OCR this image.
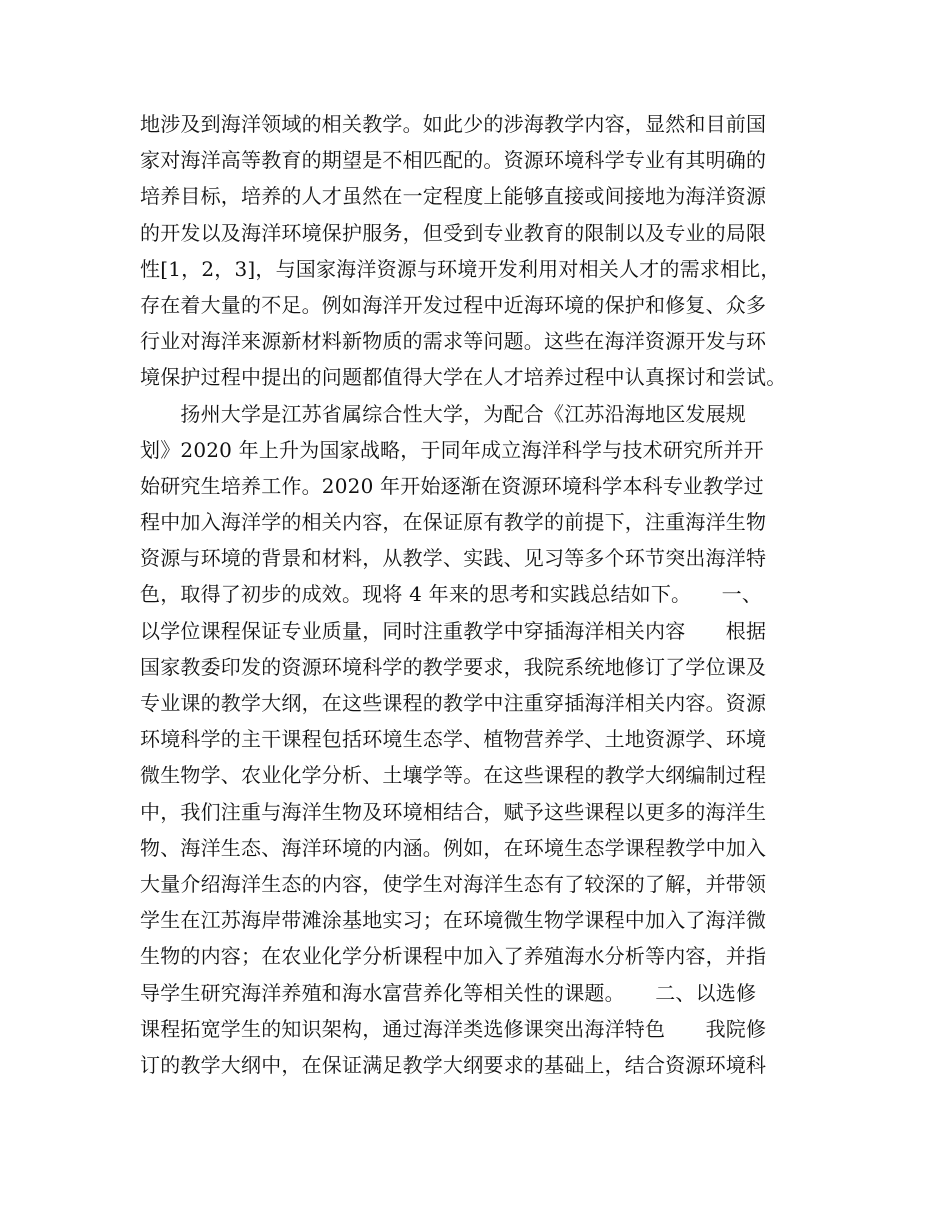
地涉及到海洋领域的相关教学。如此少的涉海教学内容，显然和目前国
家对海洋高等教育的期望是不相匹配的。资源环境科学专业有其明确的
培养目标，培养的人才虽然在一定程度上能够直接或间接地为海洋资源
的开发以及海洋环境保护服务，但受到专业教育的限制以及专业的局限
性[1，2，3]，与国家海洋资源与环境开发利用对相关人才的需求相比，
存在着大量的不足。例如海洋开发过程中近海环境的保护和修复、众多
行业对海洋来源新材料新物质的需求等问题。这些在海洋资源开发与环
境保护过程中提出的问题都值得大学在人才培养过程中认真探讨和尝试。
　　扬州大学是江苏省属综合性大学，为配合《江苏沿海地区发展规
划》2020 年上升为国家战略，于同年成立海洋科学与技术研究所并开
始研究生培养工作。2020 年开始逐渐在资源环境科学本科专业教学过
程中加入海洋学的相关内容，在保证原有教学的前提下，注重海洋生物
资源与环境的背景和材料，从教学、实践、见习等多个环节突出海洋特
色，取得了初步的成效。现将 4 年来的思考和实践总结如下。　　一、
以学位课程保证专业质量，同时注重教学中穿插海洋相关内容　　根据
国家教委印发的资源环境科学的教学要求，我院系统地修订了学位课及
专业课的教学大纲，在这些课程的教学中注重穿插海洋相关内容。资源
环境科学的主干课程包括环境生态学、植物营养学、土地资源学、环境
微生物学、农业化学分析、土壤学等。在这些课程的教学大纲编制过程
中，我们注重与海洋生物及环境相结合，赋予这些课程以更多的海洋生
物、海洋生态、海洋环境的内涵。例如，在环境生态学课程教学中加入
大量介绍海洋生态的内容，使学生对海洋生态有了较深的了解，并带领
学生在江苏海岸带滩涂基地实习；在环境微生物学课程中加入了海洋微
生物的内容；在农业化学分析课程中加入了养殖海水分析等内容，并指
导学生研究海洋养殖和海水富营养化等相关性的课题。　　二、以选修
课程拓宽学生的知识架构，通过海洋类选修课突出海洋特色　　我院修
订的教学大纲中，在保证满足教学大纲要求的基础上，结合资源环境科
